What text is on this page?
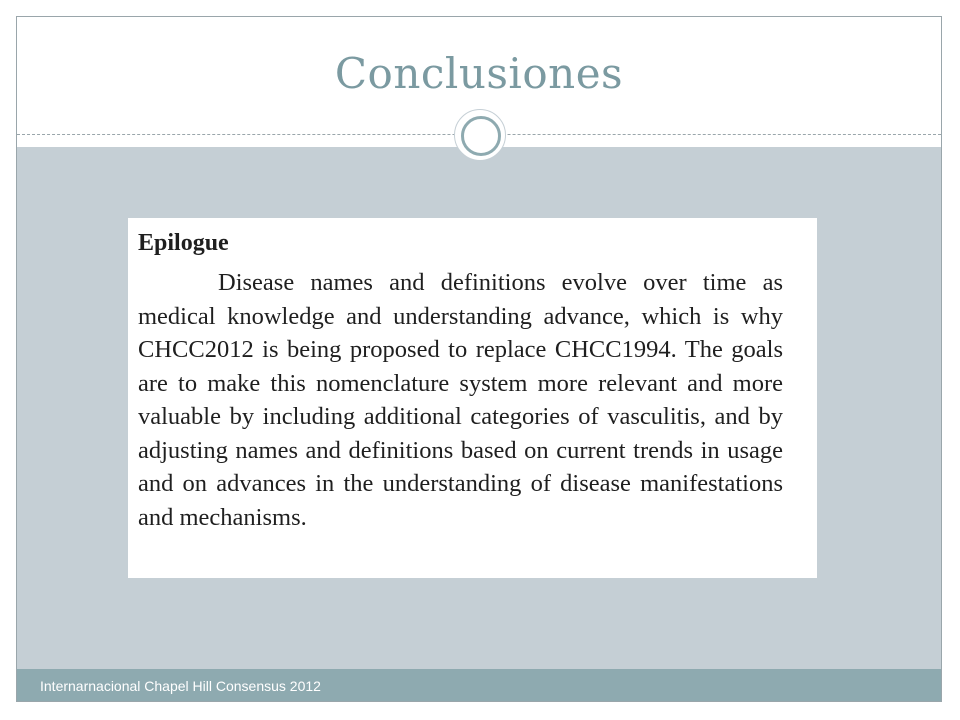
Conclusiones
Epilogue

Disease names and definitions evolve over time as medical knowledge and understanding advance, which is why CHCC2012 is being proposed to replace CHCC1994. The goals are to make this nomenclature system more relevant and more valuable by including additional categories of vasculitis, and by adjusting names and definitions based on current trends in usage and on advances in the understanding of disease manifestations and mechanisms.

Internarnacional Chapel Hill Consensus 2012
